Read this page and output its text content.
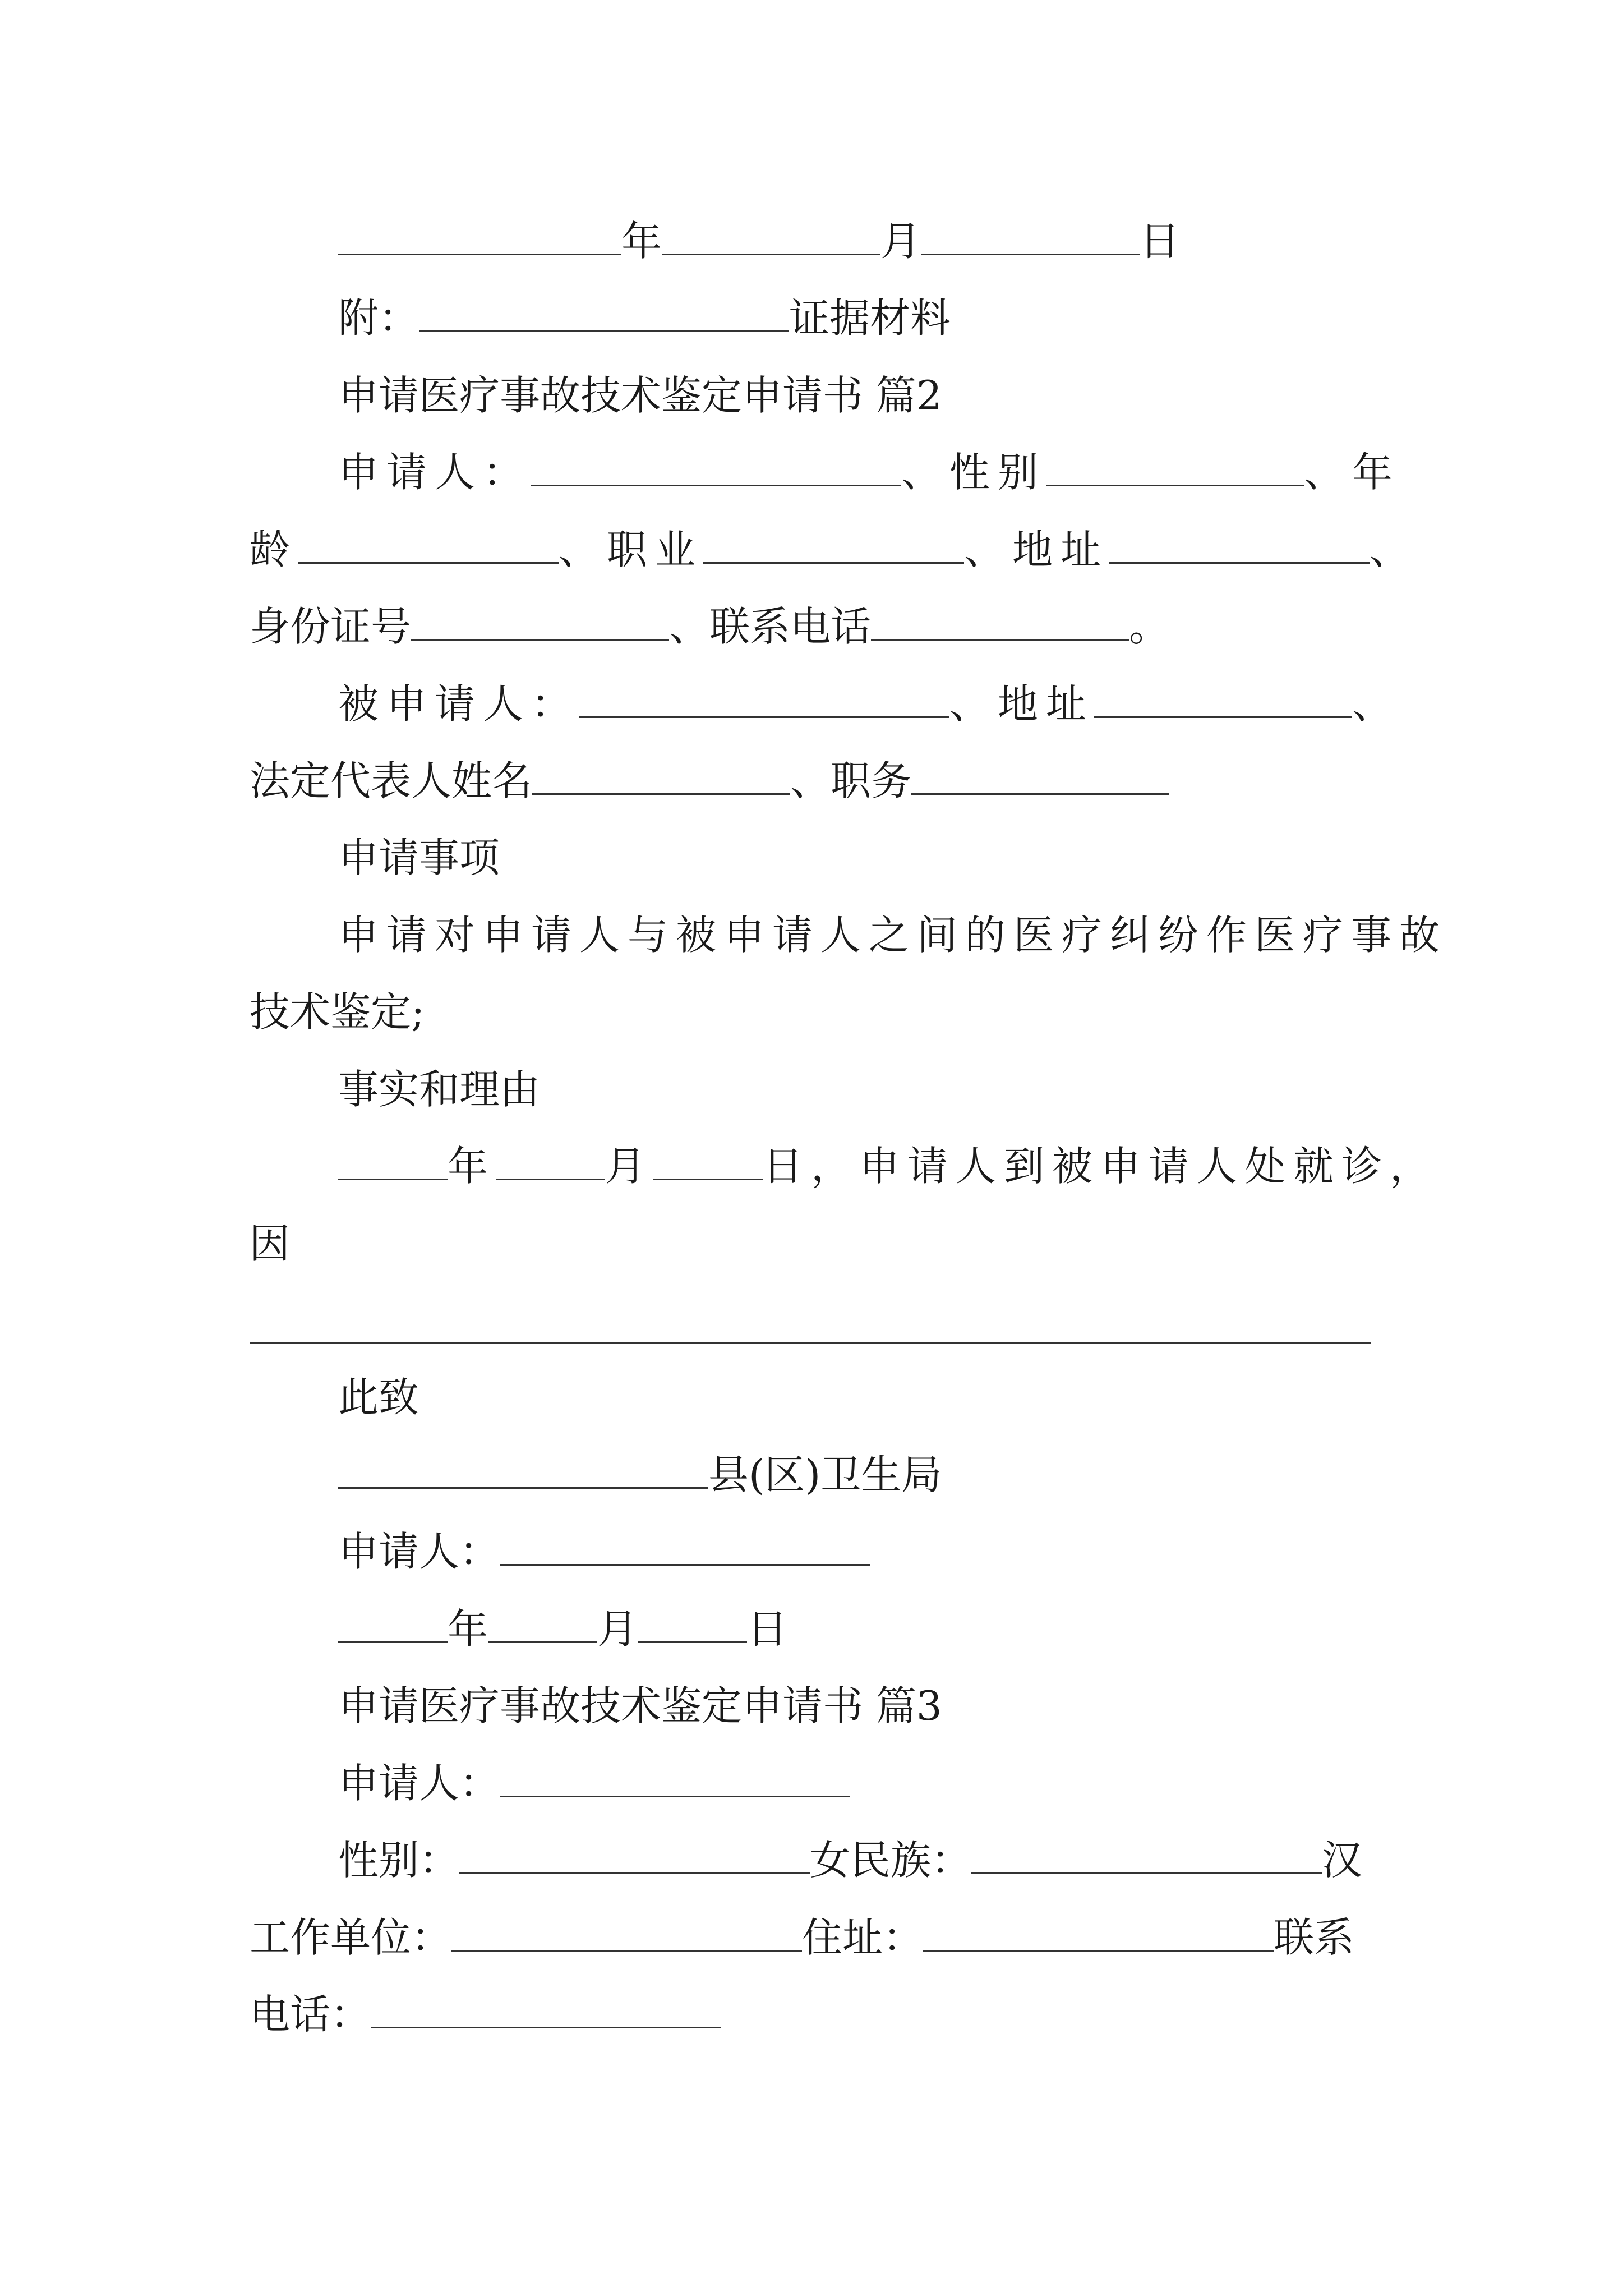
年	月	日
附：	证据材料
申请医疗事故技术鉴定申请书 篇2
申请人：	、性别	、年
龄	、职业	、地址	、
身份证号	、联系电话	。
被申请人：	、地址	、
法定代表人姓名	、职务
申请事项
申请对申请人与被申请人之间的医疗纠纷作医疗事故
技术鉴定;
事实和理由
年	月	日，申请人到被申请人处就诊，
因
此致
县(区)卫生局
申请人：
年	月	日
申请医疗事故技术鉴定申请书 篇3
申请人：
性别：	女民族：	汉
工作单位：	住址：	联系
电话：
